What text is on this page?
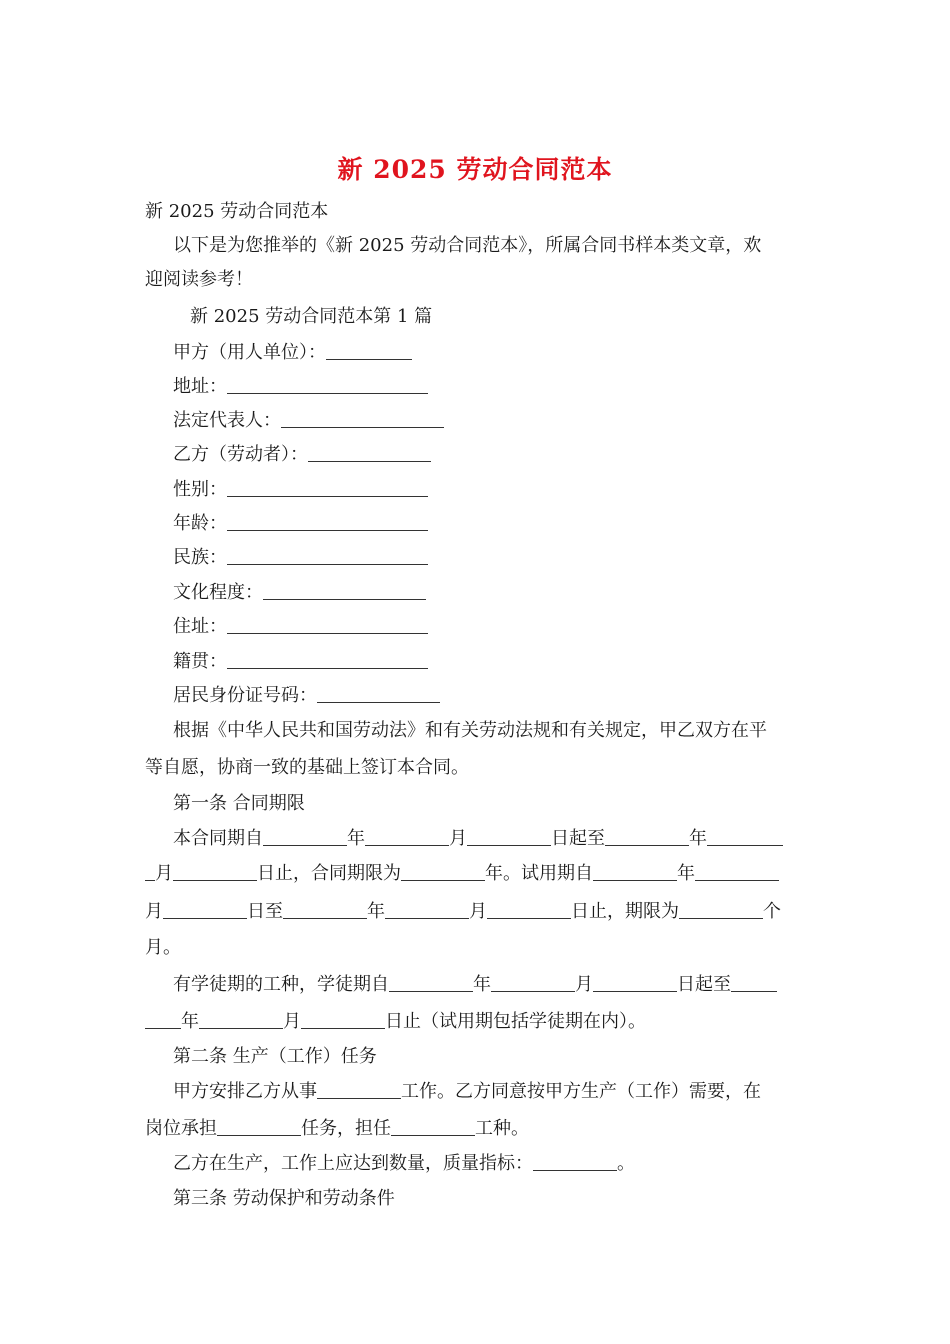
新 2025 劳动合同范本
新 2025 劳动合同范本
以下是为您推举的《新 2025 劳动合同范本》，所属合同书样本类文章，欢
迎阅读参考！
新 2025 劳动合同范本第 1 篇
甲方（用人单位）：
地址：
法定代表人：
乙方（劳动者）：
性别：
年龄：
民族：
文化程度：
住址：
籍贯：
居民身份证号码：
根据《中华人民共和国劳动法》和有关劳动法规和有关规定，甲乙双方在平
等自愿，协商一致的基础上签订本合同。
第一条 合同期限
本合同期自	年	月	日起至	年
月	日止，合同期限为	年。试用期自	年
月	日至	年	月	日止，期限为	个
月。
有学徒期的工种，学徒期自	年	月	日起至
年	月	日止（试用期包括学徒期在内）。
第二条 生产（工作）任务
甲方安排乙方从事	工作。乙方同意按甲方生产（工作）需要，在
岗位承担	任务，担任	工种。
乙方在生产，工作上应达到数量，质量指标：	。
第三条 劳动保护和劳动条件
